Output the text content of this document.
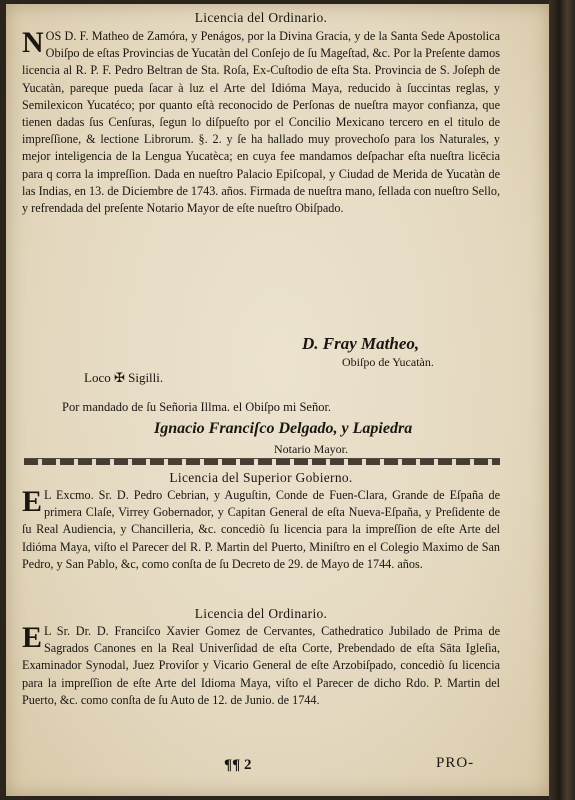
Licencia del Ordinario.

NOS D. F. Matheo de Zamóra, y Penágos, por la Divina Gracia, y de la Santa Sede Apostolica Obiſpo de eſtas Provincias de Yucatàn del Conſejo de ſu Mageſtad, &c. Por la Preſente damos licencia al R. P. F. Pedro Beltran de Sta. Roſa, Ex-Cuſtodio de eſta Sta. Provincia de S. Joſeph de Yucatàn, pareque pueda ſacar à luz el Arte del Idióma Maya, reducido à ſuccintas reglas, y Semilexicon Yucatéco; por quanto eſtà reconocido de Perſonas de nueſtra mayor confianza, que tienen dadas ſus Cenſuras, ſegun lo diſpueſto por el Concilio Mexicano tercero en el titulo de impreſſione, & lectione Librorum. §. 2. y ſe ha hallado muy provechoſo para los Naturales, y mejor inteligencia de la Lengua Yucatèca; en cuya fee mandamos deſpachar eſta nueſtra licēcia para q corra la impreſſion. Dada en nueſtro Palacio Epiſcopal, y Ciudad de Merida de Yucatàn de las Indias, en 13. de Diciembre de 1743. años. Firmada de nueſtra mano, ſellada con nueſtro Sello, y refrendada del preſente Notario Mayor de eſte nueſtro Obiſpado.

D. Fray Matheo,
Obiſpo de Yucatàn.
Loco ✠ Sigilli.
Por mandado de ſu Señoria Illma. el Obiſpo mi Señor.
Ignacio Franciſco Delgado, y Lapiedra
Notario Mayor.

Licencia del Superior Gobierno.

E L Excmo. Sr. D. Pedro Cebrian, y Auguſtin, Conde de Fuen-Clara, Grande de Eſpaña de primera Claſe, Virrey Gobernador, y Capitan General de eſta Nueva-Eſpaña, y Preſidente de ſu Real Audiencia, y Chancilleria, &c. concediò ſu licencia para la impreſſion de eſte Arte del Idióma Maya, viſto el Parecer del R. P. Martin del Puerto, Miniſtro en el Colegio Maximo de San Pedro, y San Pablo, &c, como conſta de ſu Decreto de 29. de Mayo de 1744. años.

Licencia del Ordinario.

E L Sr. Dr. D. Franciſco Xavier Gomez de Cervantes, Cathedratico Jubilado de Prima de Sagrados Canones en la Real Univerſidad de eſta Corte, Prebendado de eſta Sāta Igleſia, Examinador Synodal, Juez Proviſor y Vicario General de eſte Arzobiſpado, concediò ſu licencia para la impreſſion de eſte Arte del Idioma Maya, viſto el Parecer de dicho Rdo. P. Martin del Puerto, &c. como conſta de ſu Auto de 12. de Junio. de 1744.

¶¶ 2	PRO-
